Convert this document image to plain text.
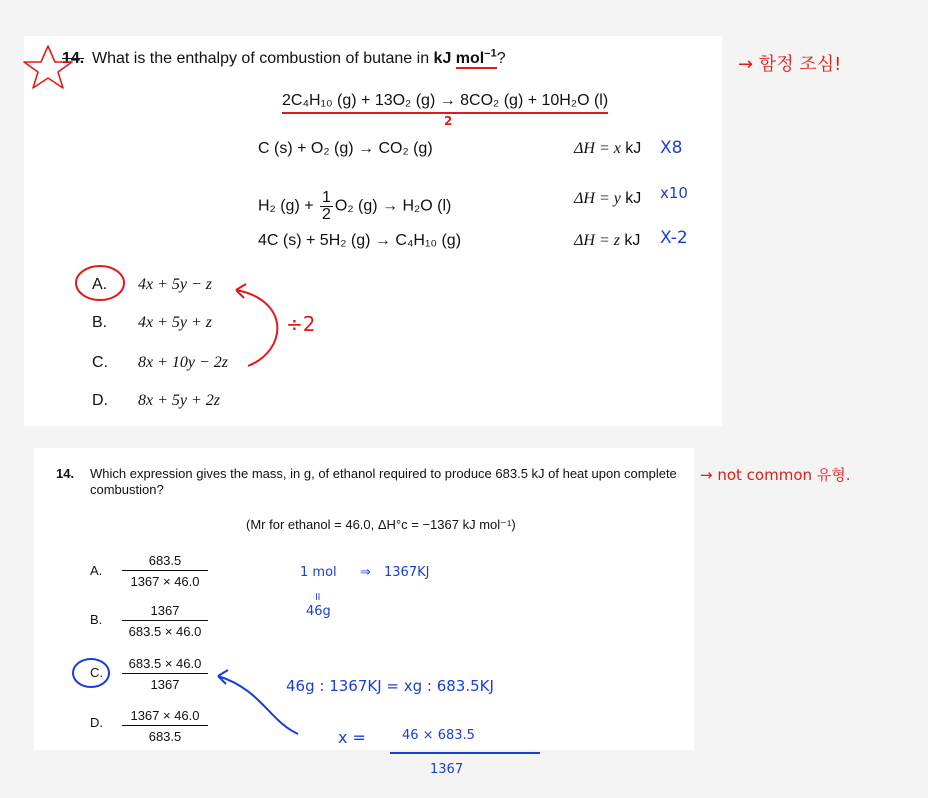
14. What is the enthalpy of combustion of butane in kJ mol$^{-1}$?
2C₄H₁₀ (g) + 13O₂ (g) → 8CO₂ (g) + 10H₂O (l)
C (s) + O₂ (g) → CO₂ (g)
H₂ $(g) + \frac{1}{2} O_2$ (g) → H₂O (l)
4C (s) + 5H₂ (g) → C₄H₁₀ (g)
ΔH = x kJ
ΔH = y kJ
ΔH = z kJ
A. 4x + 5y − z
B. 4x + 5y + z
C. 8x + 10y − 2z
D. 8x + 5y + 2z
14. Which expression gives the mass, in g, of ethanol required to produce 683.5 kJ of heat upon complete combustion?
(Mr for ethanol = 46.0, ΔH°c = −1367 kJ mol⁻¹)
A. $\frac{683.5}{1367 \times 46.0}$
B. $\frac{1367}{683.5 \times 46.0}$
C. $\frac{683.5 \times 46.0}{1367}$
D. $\frac{1367 \times 46.0}{683.5}$
→ 함정 조심!
→ not common 유형.
2
X8
x10
X-2
÷2
1 mol ⇒ 1367KJ
॥
46g
46g : 1367KJ = xg : 683.5KJ
x =	46 × 683.5
1367
